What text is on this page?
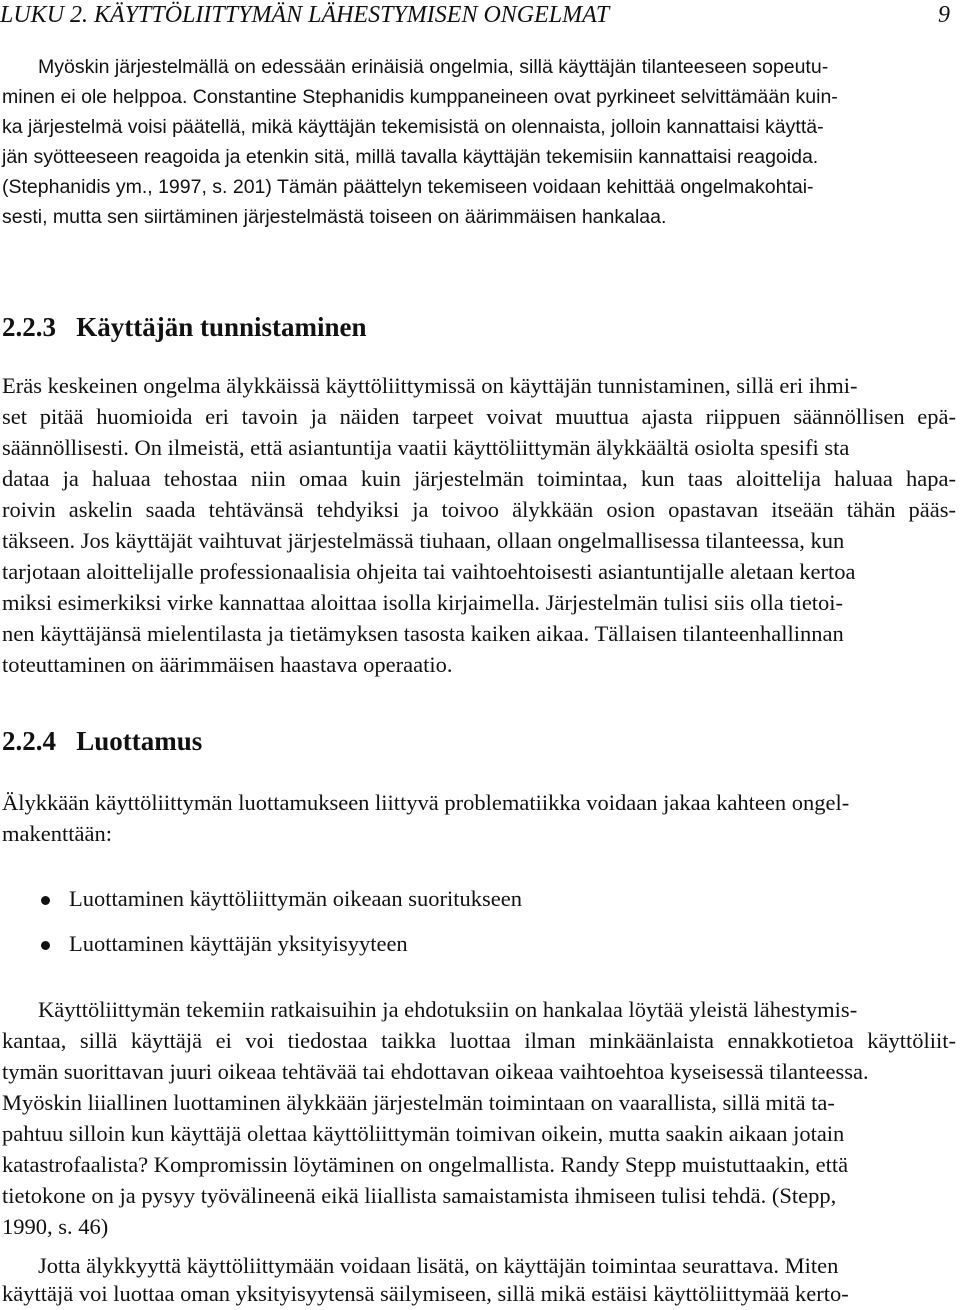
LUKU 2. KÄYTTÖLIITTYMÄN LÄHESTYMISEN ONGELMAT	9
Myöskin järjestelmällä on edessään erinäisiä ongelmia, sillä käyttäjän tilanteeseen sopeutu-
minen ei ole helppoa. Constantine Stephanidis kumppaneineen ovat pyrkineet selvittämään kuin-
ka järjestelmä voisi päätellä, mikä käyttäjän tekemisistä on olennaista, jolloin kannattaisi käyttä-
jän syötteeseen reagoida ja etenkin sitä, millä tavalla käyttäjän tekemisiin kannattaisi reagoida.
(Stephanidis ym., 1997, s. 201) Tämän päättelyn tekemiseen voidaan kehittää ongelmakohtai-
sesti, mutta sen siirtäminen järjestelmästä toiseen on äärimmäisen hankalaa.
2.2.3 Käyttäjän tunnistaminen
Eräs keskeinen ongelma älykkäissä käyttöliittymissä on käyttäjän tunnistaminen, sillä eri ihmi-
set pitää huomioida eri tavoin ja näiden tarpeet voivat muuttua ajasta riippuen säännöllisen epä-
säännöllisesti. On ilmeistä, että asiantuntija vaatii käyttöliittymän älykkäältä osiolta spesifi sta
dataa ja haluaa tehostaa niin omaa kuin järjestelmän toimintaa, kun taas aloittelija haluaa hapa-
roivin askelin saada tehtävänsä tehdyiksi ja toivoo älykkään osion opastavan itseään tähän pääs-
täkseen. Jos käyttäjät vaihtuvat järjestelmässä tiuhaan, ollaan ongelmallisessa tilanteessa, kun
tarjotaan aloittelijalle professionaalisia ohjeita tai vaihtoehtoisesti asiantuntijalle aletaan kertoa
miksi esimerkiksi virke kannattaa aloittaa isolla kirjaimella. Järjestelmän tulisi siis olla tietoi-
nen käyttäjänsä mielentilasta ja tietämyksen tasosta kaiken aikaa. Tällaisen tilanteenhallinnan
toteuttaminen on äärimmäisen haastava operaatio.
2.2.4 Luottamus
Älykkään käyttöliittymän luottamukseen liittyvä problematiikka voidaan jakaa kahteen ongel-
makenttään:
Luottaminen käyttöliittymän oikeaan suoritukseen
Luottaminen käyttäjän yksityisyyteen
Käyttöliittymän tekemiin ratkaisuihin ja ehdotuksiin on hankalaa löytää yleistä lähestymis-
kantaa, sillä käyttäjä ei voi tiedostaa taikka luottaa ilman minkäänlaista ennakkotietoa käyttöliit-
tymän suorittavan juuri oikeaa tehtävää tai ehdottavan oikeaa vaihtoehtoa kyseisessä tilanteessa.
Myöskin liiallinen luottaminen älykkään järjestelmän toimintaan on vaarallista, sillä mitä ta-
pahtuu silloin kun käyttäjä olettaa käyttöliittymän toimivan oikein, mutta saakin aikaan jotain
katastrofaalista? Kompromissin löytäminen on ongelmallista. Randy Stepp muistuttaakin, että
tietokone on ja pysyy työvälineenä eikä liiallista samaistamista ihmiseen tulisi tehdä. (Stepp,
1990, s. 46)
Jotta älykkyyttä käyttöliittymään voidaan lisätä, on käyttäjän toimintaa seurattava. Miten
käyttäjä voi luottaa oman yksityisyytensä säilymiseen, sillä mikä estäisi käyttöliittymää kerto-
